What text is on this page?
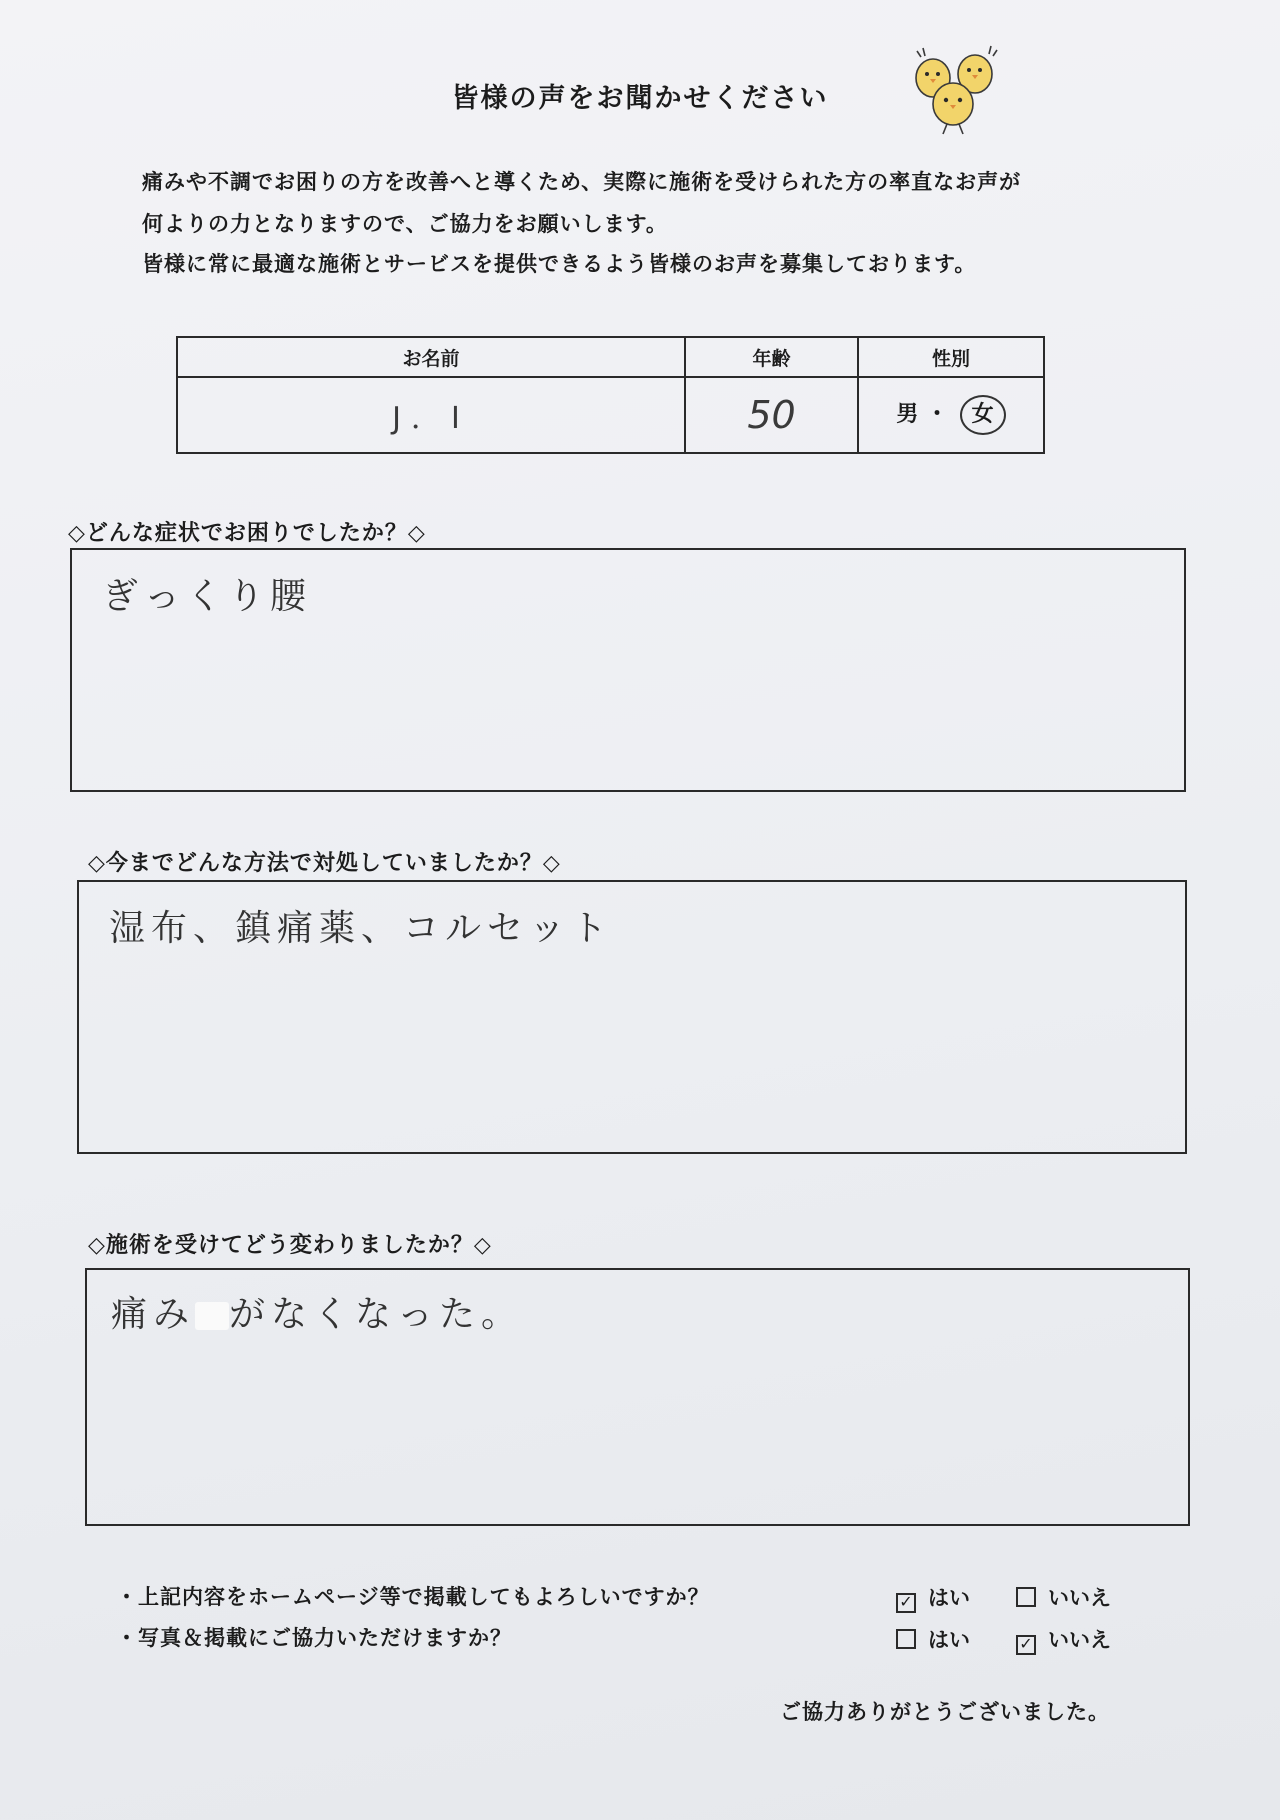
皆様の声をお聞かせください
痛みや不調でお困りの方を改善へと導くため、実際に施術を受けられた方の率直なお声が
何よりの力となりますので、ご協力をお願いします。
皆様に常に最適な施術とサービスを提供できるよう皆様のお声を募集しております。
お名前	年齢	性別
J．I	50	男 ・ 女
◇どんな症状でお困りでしたか？◇
ぎっくり腰
◇今までどんな方法で対処していましたか？◇
湿布、鎮痛薬、コルセット
◇施術を受けてどう変わりましたか？◇
痛み がなくなった。
・上記内容をホームページ等で掲載してもよろしいですか？	✓ はい	いいえ
・写真＆掲載にご協力いただけますか？	はい	✓ いいえ
ご協力ありがとうございました。
